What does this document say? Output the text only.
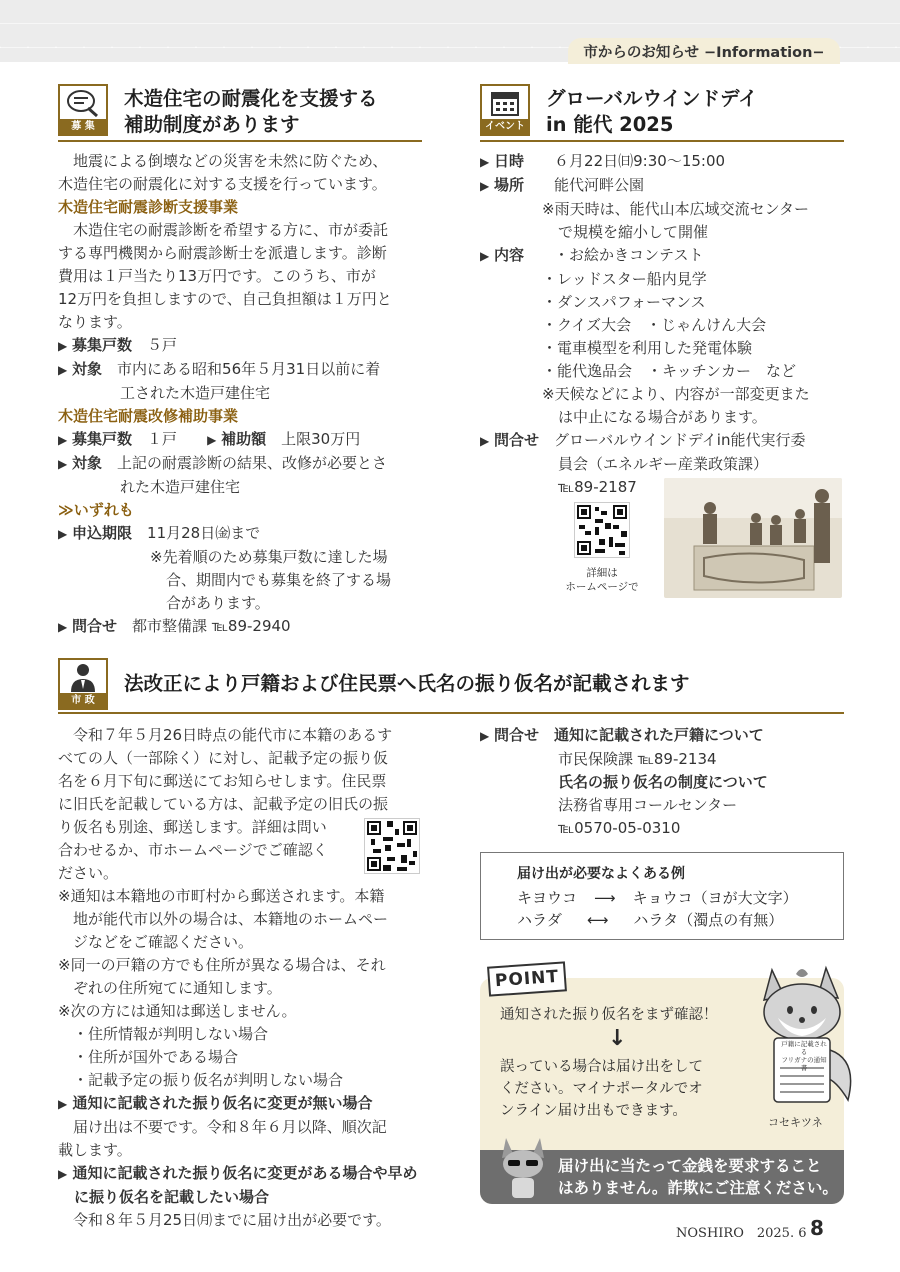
市からのお知らせ −Information−
募 集
木造住宅の耐震化を支援する
補助制度があります
　地震による倒壊などの災害を未然に防ぐため、
木造住宅の耐震化に対する支援を行っています。
木造住宅耐震診断支援事業
　木造住宅の耐震診断を希望する方に、市が委託
する専門機関から耐震診断士を派遣します。診断
費用は１戸当たり13万円です。このうち、市が
12万円を負担しますので、自己負担額は１万円と
なります。
▶ 募集戸数　 ５戸
▶ 対象　 市内にある昭和56年５月31日以前に着
工された木造戸建住宅
木造住宅耐震改修補助事業
▶ 募集戸数　 １戸　　	▶ 補助額　 上限30万円
▶ 対象　 上記の耐震診断の結果、改修が必要とさ
れた木造戸建住宅
≫いずれも
▶ 申込期限　 11月28日㈮まで
※先着順のため募集戸数に達した場
合、期間内でも募集を終了する場
合があります。
▶ 問合せ　 都市整備課 ℡89-2940
イベント
グローバルウインドデイ
in 能代 2025
▶ 日時　　 ６月22日㈰9:30～15:00
▶ 場所　　 能代河畔公園
※雨天時は、能代山本広域交流センター
で規模を縮小して開催
▶ 内容　　 ・お絵かきコンテスト
・レッドスター船内見学
・ダンスパフォーマンス
・クイズ大会　・じゃんけん大会
・電車模型を利用した発電体験
・能代逸品会　・キッチンカー　など
※天候などにより、内容が一部変更また
は中止になる場合があります。
▶ 問合せ　 グローバルウインドデイin能代実行委
員会（エネルギー産業政策課）
℡89-2187
詳細は
ホームページで
市 政
法改正により戸籍および住民票へ氏名の振り仮名が記載されます
　令和７年５月26日時点の能代市に本籍のあるす
べての人（一部除く）に対し、記載予定の振り仮
名を６月下旬に郵送にてお知らせします。住民票
に旧氏を記載している方は、記載予定の旧氏の振
り仮名も別途、郵送します。詳細は問い
合わせるか、市ホームページでご確認く
ださい。
※通知は本籍地の市町村から郵送されます。本籍
　地が能代市以外の場合は、本籍地のホームペー
　ジなどをご確認ください。
※同一の戸籍の方でも住所が異なる場合は、それ
　ぞれの住所宛てに通知します。
※次の方には通知は郵送しません。
　・住所情報が判明しない場合
　・住所が国外である場合
　・記載予定の振り仮名が判明しない場合
▶ 通知に記載された振り仮名に変更が無い場合
　届け出は不要です。令和８年６月以降、順次記
載します。
▶ 通知に記載された振り仮名に変更がある場合や早め
に振り仮名を記載したい場合
　令和８年５月25日㈪までに届け出が必要です。
▶ 問合せ　 通知に記載された戸籍について
市民保険課 ℡89-2134
氏名の振り仮名の制度について
法務省専用コールセンター
℡0570-05-0310
届け出が必要なよくある例
キヨウコ ⟶ キョウコ（ヨが大文字）
ハラダ ⟷ ハラタ（濁点の有無）
POINT
通知された振り仮名をまず確認！
↓
誤っている場合は届け出をして
ください。マイナポータルでオ
ンライン届け出もできます。
戸籍に記載される
フリガナの通知書
コセキツネ
届け出に当たって金銭を要求すること
はありません。詐欺にご注意ください。
NOSHIRO　2025. 6 8
